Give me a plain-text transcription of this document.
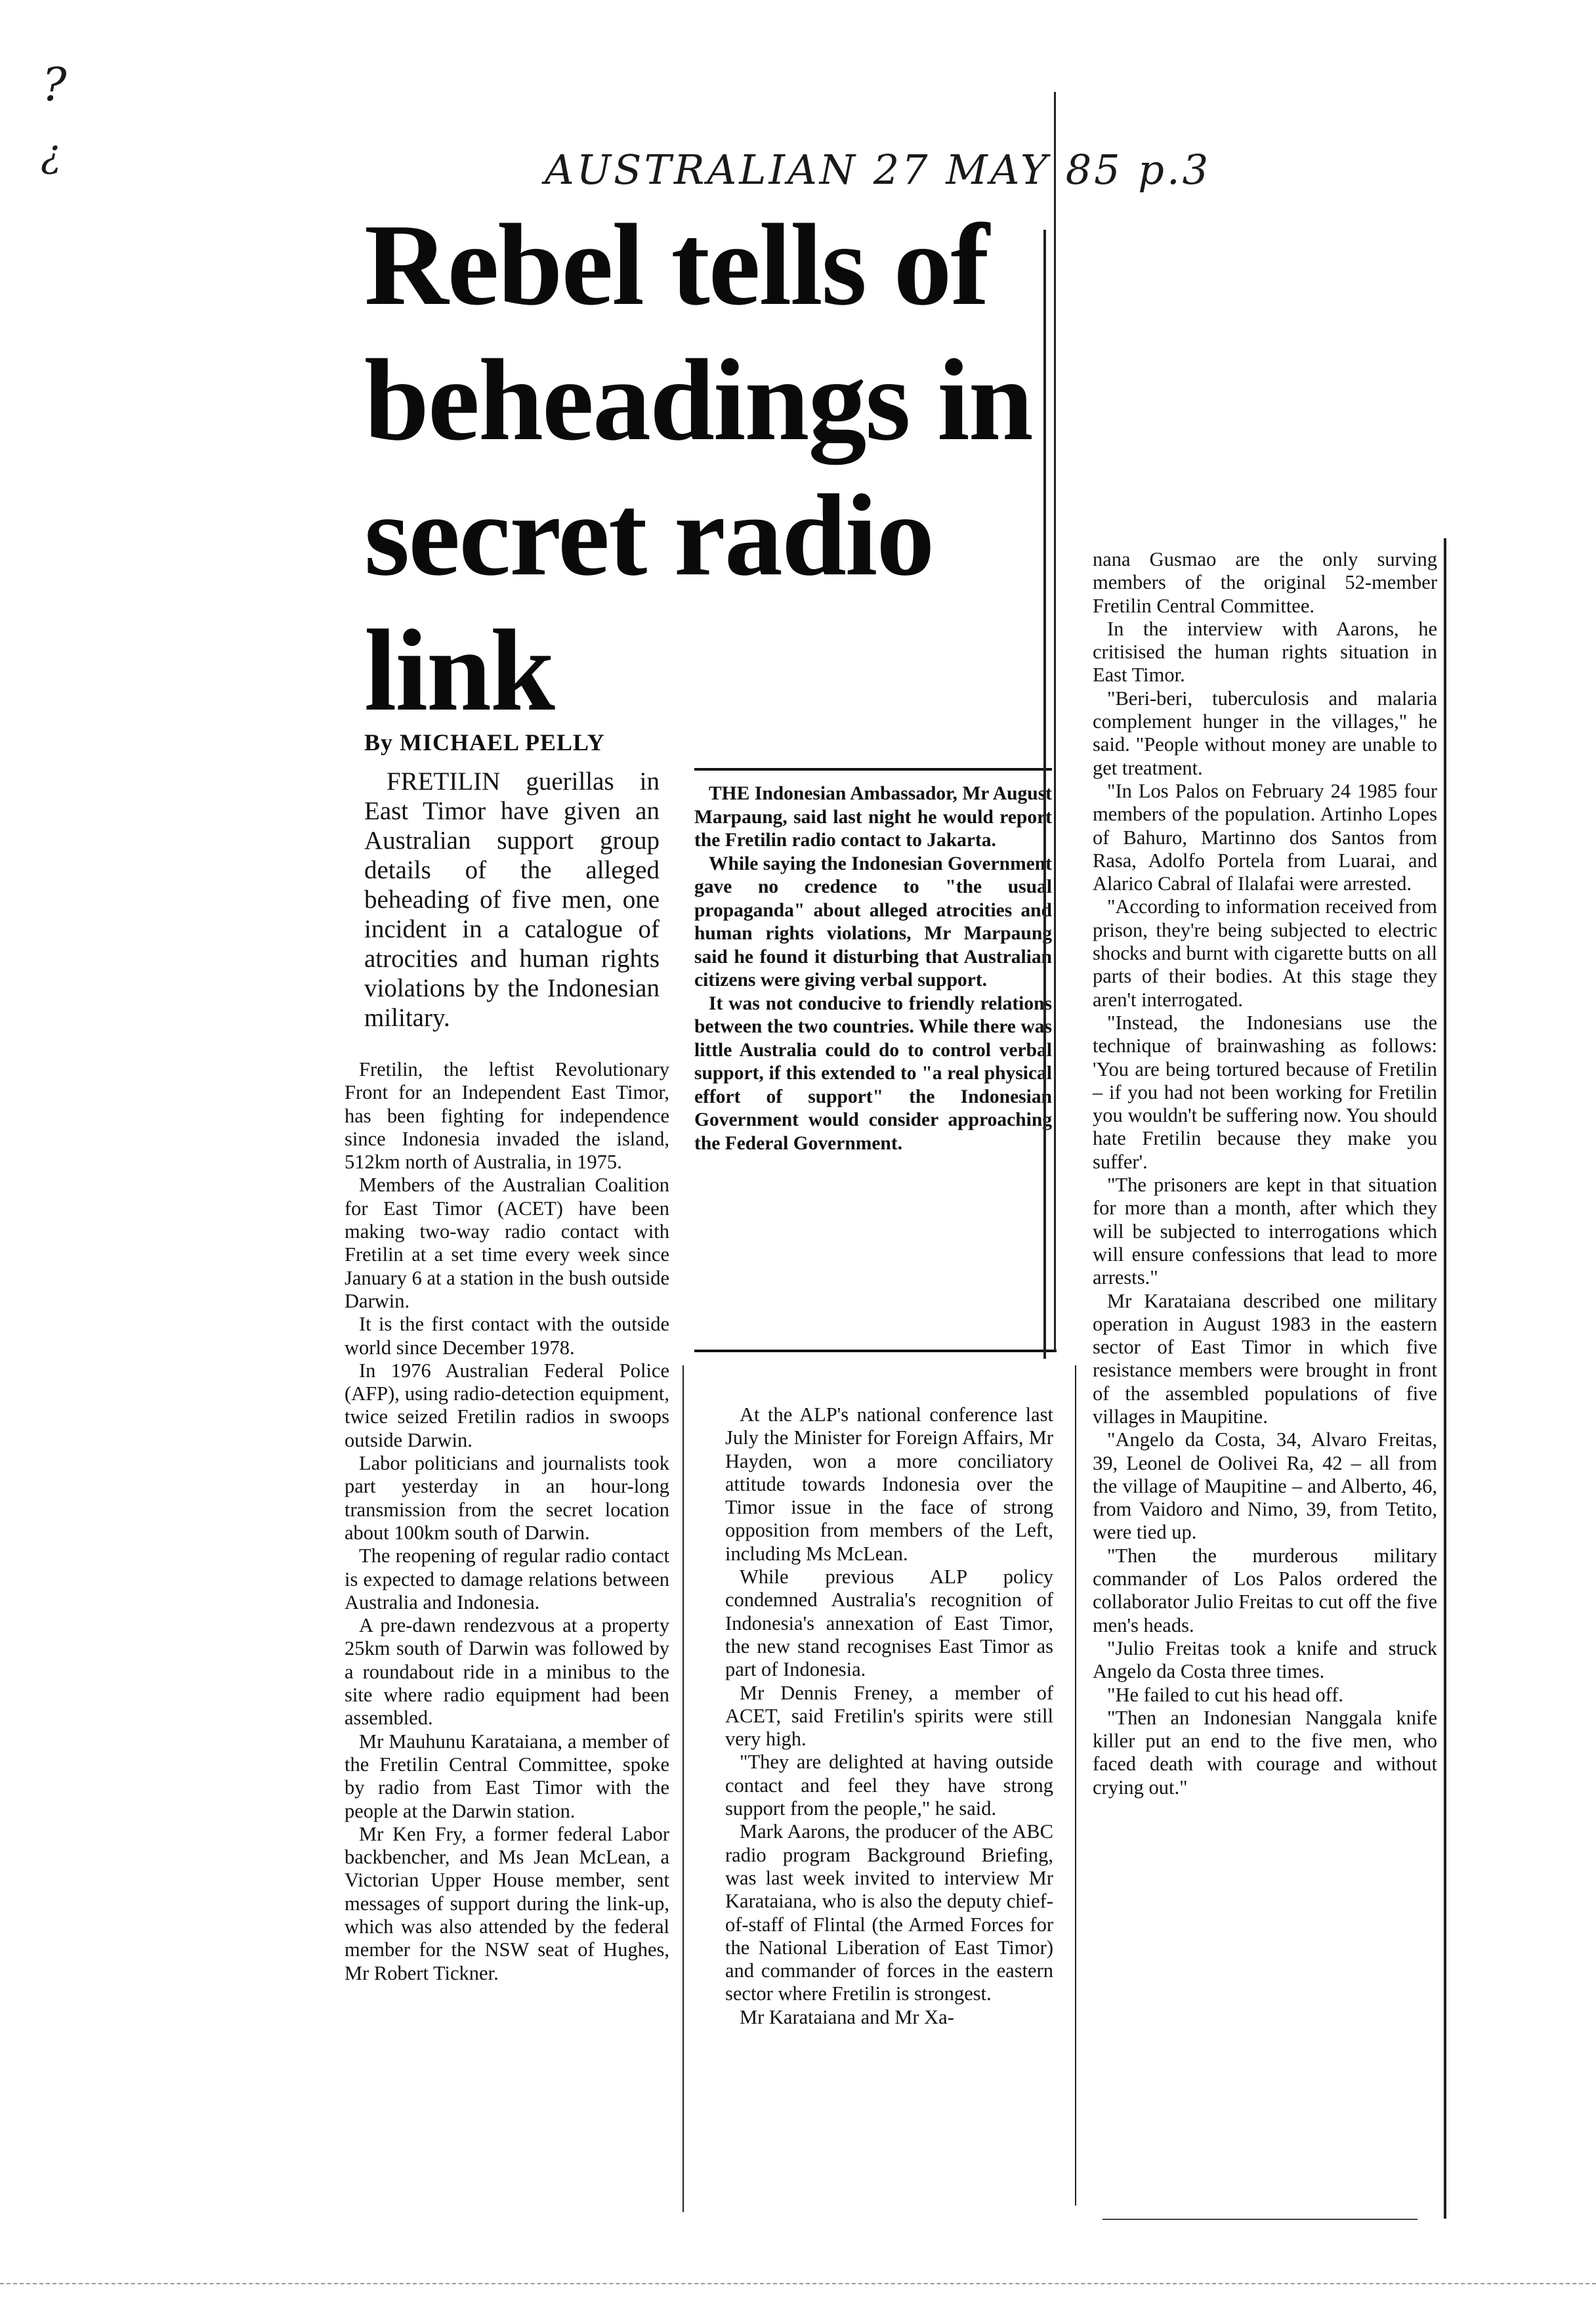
?
¿	AUSTRALIAN 27 MAY 85 p.3
Rebel tells of beheadings in secret radio link
By MICHAEL PELLY

FRETILIN guerillas in East Timor have given an Australian support group details of the alleged beheading of five men, one incident in a catalogue of atrocities and human rights violations by the Indonesian military.

Fretilin, the leftist Revolutionary Front for an Independent East Timor, has been fighting for independence since Indonesia invaded the island, 512km north of Australia, in 1975.

Members of the Australian Coalition for East Timor (ACET) have been making two-way radio contact with Fretilin at a set time every week since January 6 at a station in the bush outside Darwin.

It is the first contact with the outside world since December 1978.

In 1976 Australian Federal Police (AFP), using radio-detection equipment, twice seized Fretilin radios in swoops outside Darwin.

Labor politicians and journalists took part yesterday in an hour-long transmission from the secret location about 100km south of Darwin.

The reopening of regular radio contact is expected to damage relations between Australia and Indonesia.

A pre-dawn rendezvous at a property 25km south of Darwin was followed by a roundabout ride in a minibus to the site where radio equipment had been assembled.

Mr Mauhunu Karataiana, a member of the Fretilin Central Committee, spoke by radio from East Timor with the people at the Darwin station.

Mr Ken Fry, a former federal Labor backbencher, and Ms Jean McLean, a Victorian Upper House member, sent messages of support during the link-up, which was also attended by the federal member for the NSW seat of Hughes, Mr Robert Tickner.

THE Indonesian Ambassador, Mr August Marpaung, said last night he would report the Fretilin radio contact to Jakarta.

While saying the Indonesian Government gave no credence to "the usual propaganda" about alleged atrocities and human rights violations, Mr Marpaung said he found it disturbing that Australian citizens were giving verbal support.

It was not conducive to friendly relations between the two countries. While there was little Australia could do to control verbal support, if this extended to "a real physical effort of support" the Indonesian Government would consider approaching the Federal Government.

At the ALP's national conference last July the Minister for Foreign Affairs, Mr Hayden, won a more conciliatory attitude towards Indonesia over the Timor issue in the face of strong opposition from members of the Left, including Ms McLean.

While previous ALP policy condemned Australia's recognition of Indonesia's annexation of East Timor, the new stand recognises East Timor as part of Indonesia.

Mr Dennis Freney, a member of ACET, said Fretilin's spirits were still very high.

"They are delighted at having outside contact and feel they have strong support from the people," he said.

Mark Aarons, the producer of the ABC radio program Background Briefing, was last week invited to interview Mr Karataiana, who is also the deputy chief-of-staff of Flintal (the Armed Forces for the National Liberation of East Timor) and commander of forces in the eastern sector where Fretilin is strongest.

Mr Karataiana and Mr Xa-

nana Gusmao are the only surving members of the original 52-member Fretilin Central Committee.

In the interview with Aarons, he critisised the human rights situation in East Timor.

"Beri-beri, tuberculosis and malaria complement hunger in the villages," he said. "People without money are unable to get treatment.

"In Los Palos on February 24 1985 four members of the population. Artinho Lopes of Bahuro, Martinno dos Santos from Rasa, Adolfo Portela from Luarai, and Alarico Cabral of Ilalafai were arrested.

"According to information received from prison, they're being subjected to electric shocks and burnt with cigarette butts on all parts of their bodies. At this stage they aren't interrogated.

"Instead, the Indonesians use the technique of brainwashing as follows: 'You are being tortured because of Fretilin – if you had not been working for Fretilin you wouldn't be suffering now. You should hate Fretilin because they make you suffer'.

"The prisoners are kept in that situation for more than a month, after which they will be subjected to interrogations which will ensure confessions that lead to more arrests."

Mr Karataiana described one military operation in August 1983 in the eastern sector of East Timor in which five resistance members were brought in front of the assembled populations of five villages in Maupitine.

"Angelo da Costa, 34, Alvaro Freitas, 39, Leonel de Oolivei Ra, 42 – all from the village of Maupitine – and Alberto, 46, from Vaidoro and Nimo, 39, from Tetito, were tied up.

"Then the murderous military commander of Los Palos ordered the collaborator Julio Freitas to cut off the five men's heads.

"Julio Freitas took a knife and struck Angelo da Costa three times.

"He failed to cut his head off.

"Then an Indonesian Nanggala knife killer put an end to the five men, who faced death with courage and without crying out."
